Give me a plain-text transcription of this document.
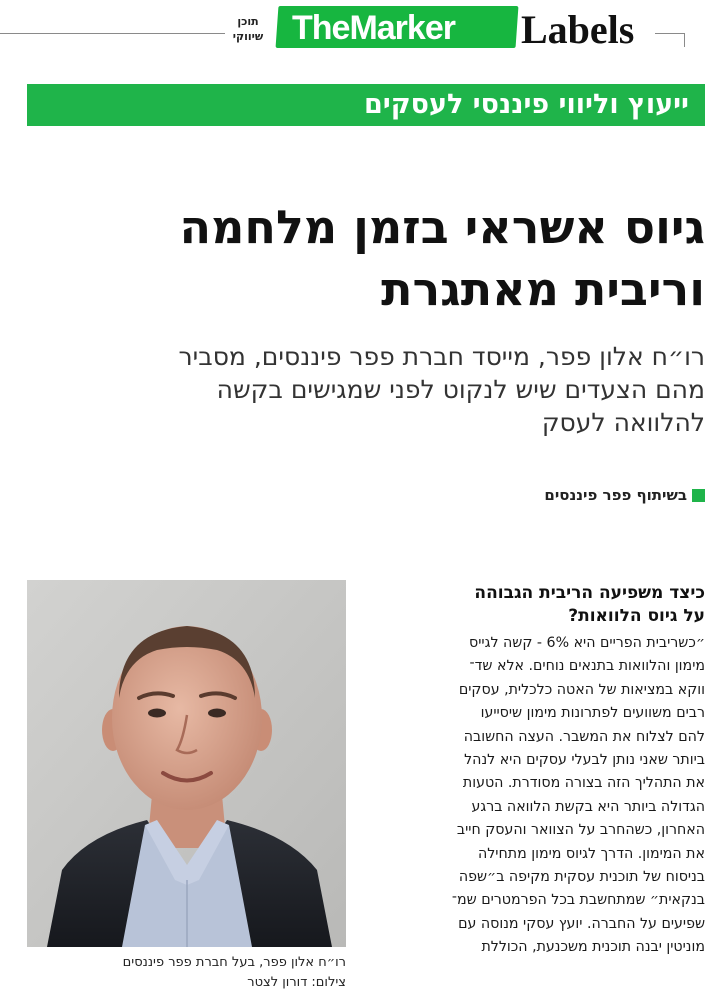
תוכן
שיווקי TheMarker	Labels
ייעוץ וליווי פיננסי לעסקים
גיוס אשראי בזמן מלחמה
וריבית מאתגרת
רו״ח אלון פפר, מייסד חברת פפר פיננסים, מסביר
מהם הצעדים שיש לנקוט לפני שמגישים בקשה
להלוואה לעסק
בשיתוף פפר פיננסים
רו״ח אלון פפר, בעל חברת פפר פיננסים
צילום: דורון לצטר
כיצד משפיעה הריבית הגבוהה
על גיוס הלוואות?
״כשריבית הפריים היא 6% - קשה לגייס
מימון והלוואות בתנאים נוחים. אלא שד־
ווקא במציאות של האטה כלכלית, עסקים
רבים משוועים לפתרונות מימון שיסייעו
להם לצלוח את המשבר. העצה החשובה
ביותר שאני נותן לבעלי עסקים היא לנהל
את התהליך הזה בצורה מסודרת. הטעות
הגדולה ביותר היא בקשת הלוואה ברגע
האחרון, כשהחרב על הצוואר והעסק חייב
את המימון. הדרך לגיוס מימון מתחילה
בניסוח של תוכנית עסקית מקיפה ב״שפה
בנקאית״ שמתחשבת בכל הפרמטרים שמ־
שפיעים על החברה. יועץ עסקי מנוסה עם
מוניטין יבנה תוכנית משכנעת, הכוללת
